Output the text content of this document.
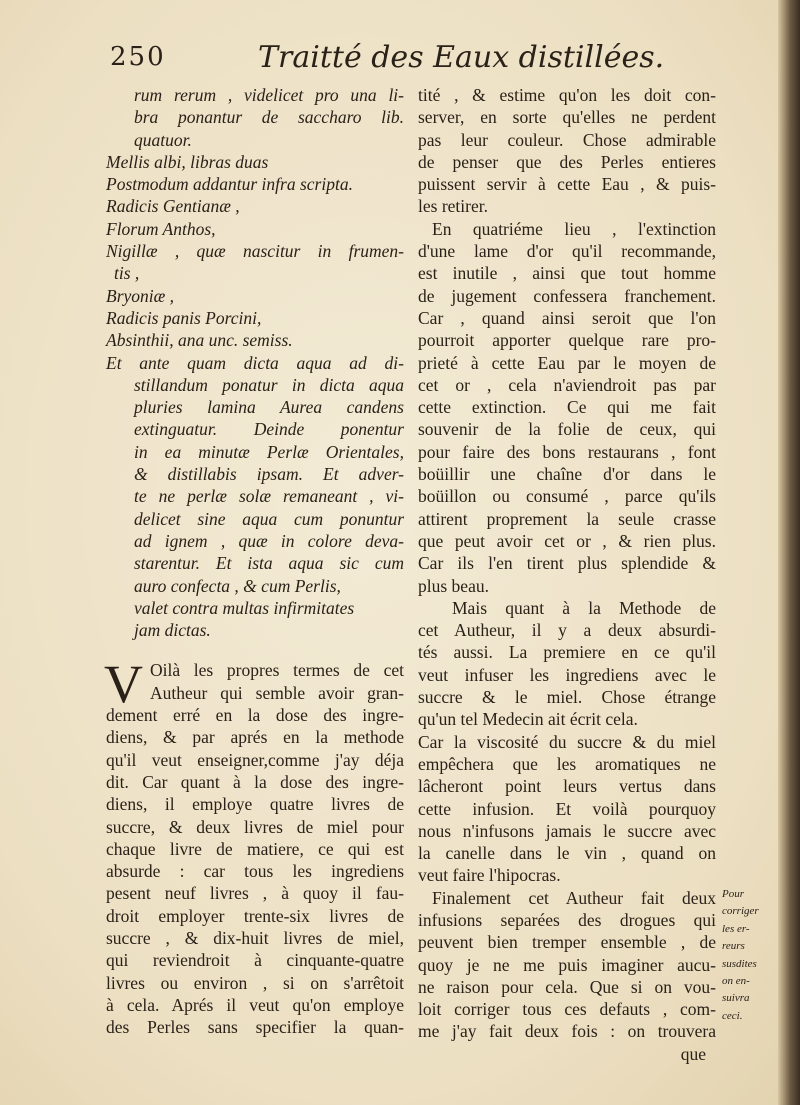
250	Traitté des Eaux distillées.
rum rerum , videlicet pro una li-
bra ponantur de saccharo lib.
quatuor.
Mellis albi, libras duas
Postmodum addantur infra scripta.
Radicis Gentianæ ,
Florum Anthos,
Nigillæ , quæ nascitur in frumen-
tis ,
Bryoniæ ,
Radicis panis Porcini,
Absinthii, ana unc. semiss.
Et ante quam dicta aqua ad di-
stillandum ponatur in dicta aqua
pluries lamina Aurea candens
extinguatur. Deinde ponentur
in ea minutæ Perlæ Orientales,
& distillabis ipsam. Et adver-
te ne perlæ solæ remaneant , vi-
delicet sine aqua cum ponuntur
ad ignem , quæ in colore deva-
starentur. Et ista aqua sic cum
auro confecta , & cum Perlis,
valet contra multas infirmitates
jam dictas.
V Oilà les propres termes de cet
Autheur qui semble avoir gran-
dement erré en la dose des ingre-
diens, & par aprés en la methode
qu'il veut enseigner,comme j'ay déja
dit. Car quant à la dose des ingre-
diens, il employe quatre livres de
succre, & deux livres de miel pour
chaque livre de matiere, ce qui est
absurde : car tous les ingrediens
pesent neuf livres , à quoy il fau-
droit employer trente-six livres de
succre , & dix-huit livres de miel,
qui reviendroit à cinquante-quatre
livres ou environ , si on s'arrêtoit
à cela. Aprés il veut qu'on employe
des Perles sans specifier la quan-
tité , & estime qu'on les doit con-
server, en sorte qu'elles ne perdent
pas leur couleur. Chose admirable
de penser que des Perles entieres
puissent servir à cette Eau , & puis-
les retirer.
En quatriéme lieu , l'extinction
d'une lame d'or qu'il recommande,
est inutile , ainsi que tout homme
de jugement confessera franchement.
Car , quand ainsi seroit que l'on
pourroit apporter quelque rare pro-
prieté à cette Eau par le moyen de
cet or , cela n'aviendroit pas par
cette extinction. Ce qui me fait
souvenir de la folie de ceux, qui
pour faire des bons restaurans , font
boüillir une chaîne d'or dans le
boüillon ou consumé , parce qu'ils
attirent proprement la seule crasse
que peut avoir cet or , & rien plus.
Car ils l'en tirent plus splendide &
plus beau.
Mais quant à la Methode de
cet Autheur, il y a deux absurdi-
tés aussi. La premiere en ce qu'il
veut infuser les ingrediens avec le
succre & le miel. Chose étrange
qu'un tel Medecin ait écrit cela.
Car la viscosité du succre & du miel
empêchera que les aromatiques ne
lâcheront point leurs vertus dans
cette infusion. Et voilà pourquoy
nous n'infusons jamais le succre avec
la canelle dans le vin , quand on
veut faire l'hipocras.
Finalement cet Autheur fait deux
infusions separées des drogues qui
peuvent bien tremper ensemble , de
quoy je ne me puis imaginer aucu-
ne raison pour cela. Que si on vou-
loit corriger tous ces defauts , com-
me j'ay fait deux fois : on trouvera
que
Pour
corriger
les er-
reurs
susdites
on en-
suivra
ceci.
